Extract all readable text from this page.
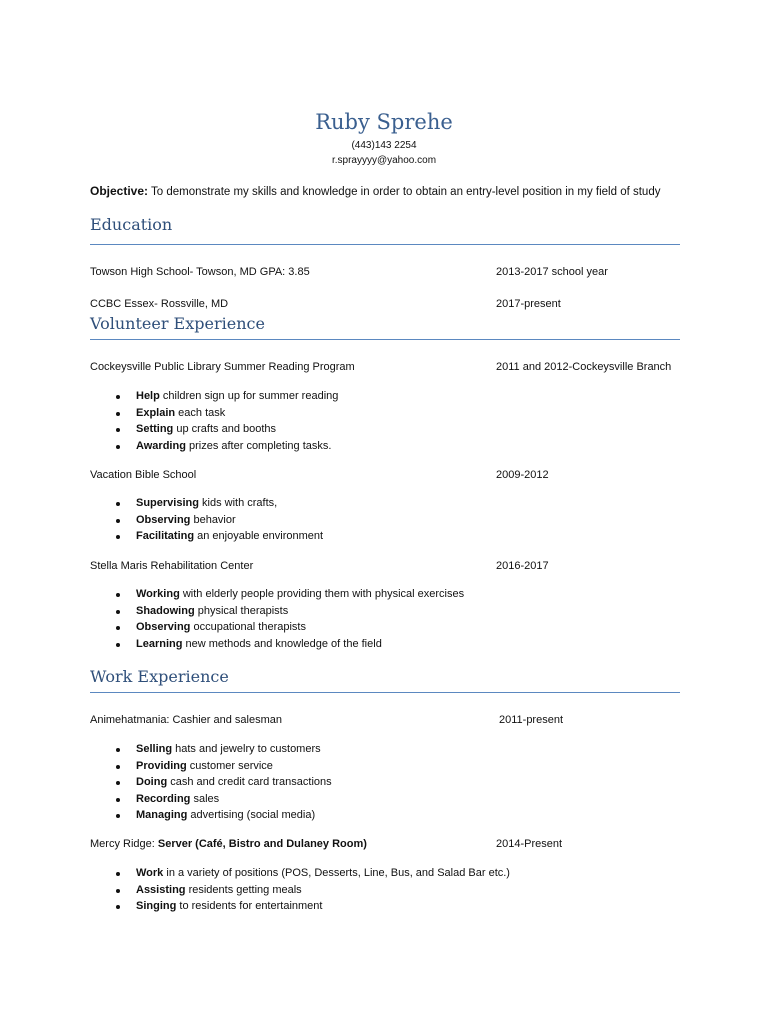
Ruby Sprehe
(443)143 2254
r.sprayyyy@yahoo.com
Objective: To demonstrate my skills and knowledge in order to obtain an entry-level position in my field of study
Education
Towson High School- Towson, MD GPA: 3.85	2013-2017 school year
CCBC Essex- Rossville, MD	2017-present
Volunteer Experience
Cockeysville Public Library Summer Reading Program	2011 and 2012-Cockeysville Branch
Help children sign up for summer reading
Explain each task
Setting up crafts and booths
Awarding prizes after completing tasks.
Vacation Bible School	2009-2012
Supervising kids with crafts,
Observing behavior
Facilitating an enjoyable environment
Stella Maris Rehabilitation Center	2016-2017
Working with elderly people providing them with physical exercises
Shadowing physical therapists
Observing occupational therapists
Learning new methods and knowledge of the field
Work Experience
Animehatmania: Cashier and salesman	2011-present
Selling hats and jewelry to customers
Providing customer service
Doing cash and credit card transactions
Recording sales
Managing advertising (social media)
Mercy Ridge: Server (Café, Bistro and Dulaney Room)	2014-Present
Work in a variety of positions (POS, Desserts, Line, Bus, and Salad Bar etc.)
Assisting residents getting meals
Singing to residents for entertainment
